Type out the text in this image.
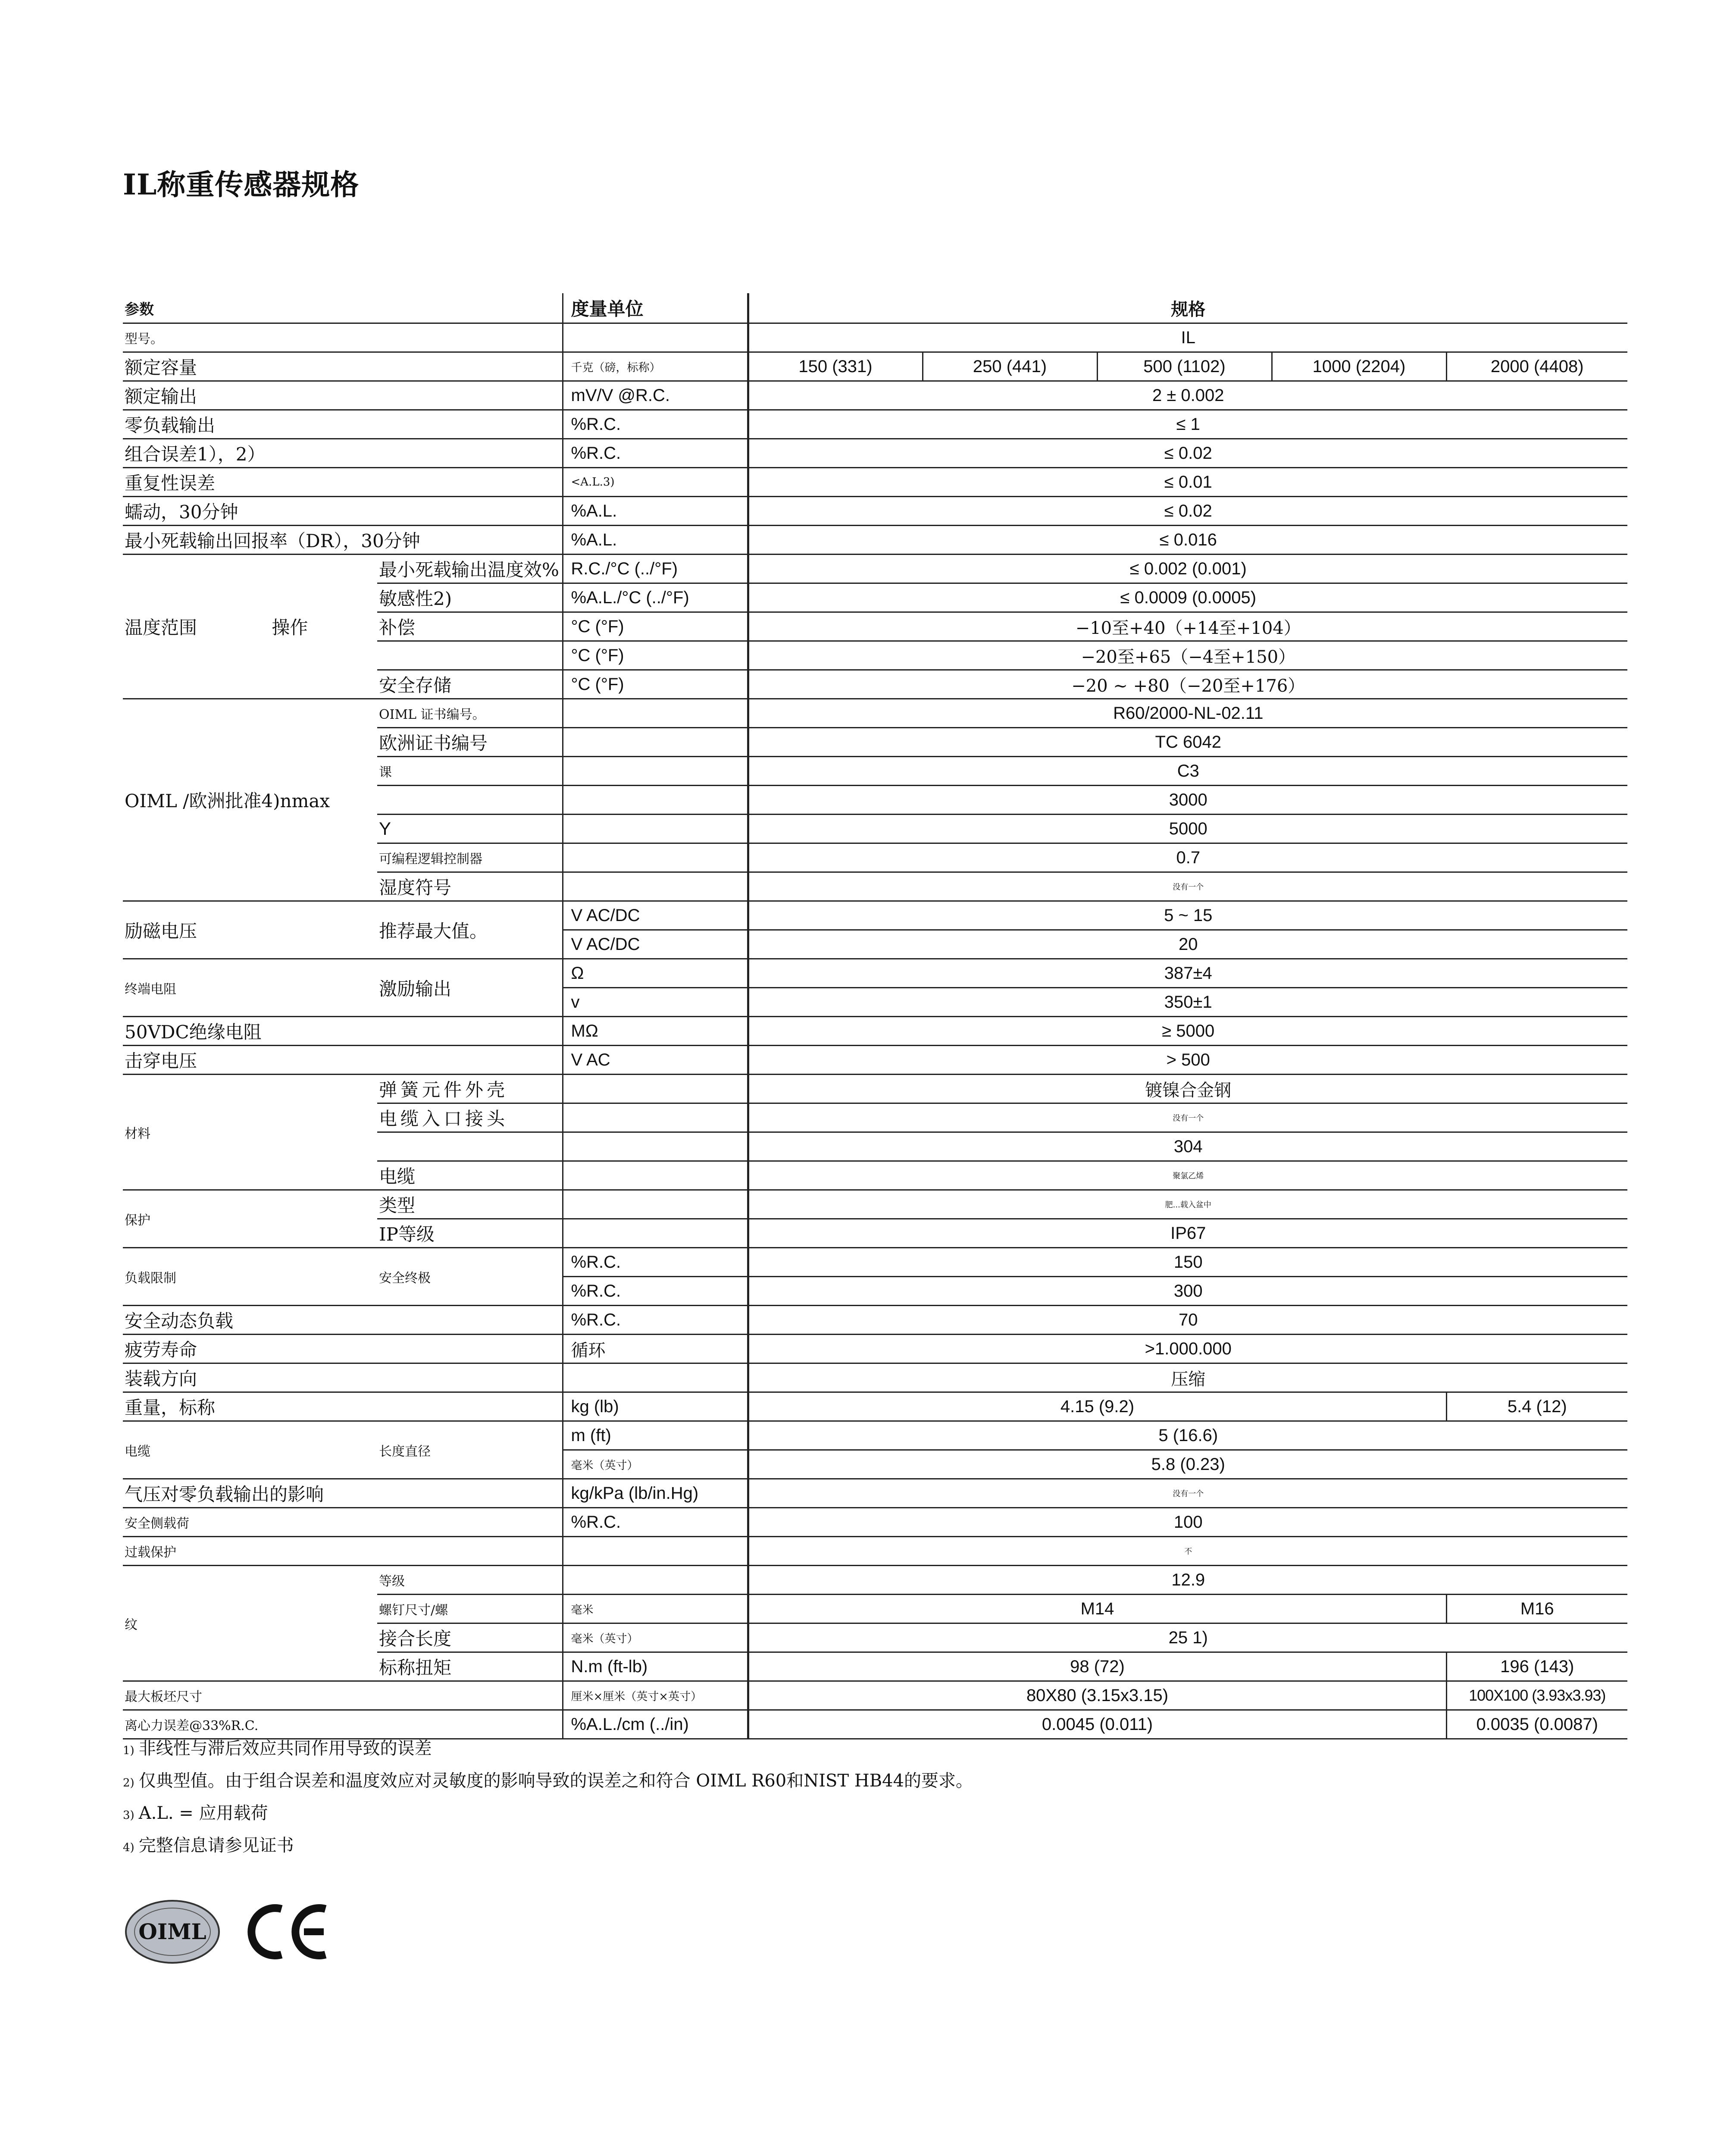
IL称重传感器规格
参数		度量单位	规格				
型号。			IL				
额定容量		千克（磅，标称）	150 (331)	250 (441)	500 (1102)	1000 (2204)	2000 (4408)
额定输出		mV/V @R.C.	2 ± 0.002				
零负载输出		%R.C.	≤ 1				
组合误差1），2）		%R.C.	≤ 0.02				
重复性误差		<A.L.3)	≤ 0.01				
蠕动，30分钟		%A.L.	≤ 0.02				
最小死载输出回报率（DR），30分钟		%A.L.	≤ 0.016				
温度范围 操作	最小死载输出温度效%	R.C./°C (../°F)	≤ 0.002 (0.001)				
	敏感性2)	%A.L./°C (../°F)	≤ 0.0009 (0.0005)				
	补偿	°C (°F)	−10至+40（+14至+104）				
		°C (°F)	−20至+65（−4至+150）				
	安全存储	°C (°F)	−20 ~ +80（−20至+176）				
OIML /欧洲批准4)nmax	OIML 证书编号。		R60/2000-NL-02.11				
	欧洲证书编号		TC 6042				
	课		C3				
			3000				
	Y		5000				
	可编程逻辑控制器		0.7				
	湿度符号		没有一个				
励磁电压	推荐最大值。	V AC/DC	5 ~ 15				
		V AC/DC	20				
终端电阻	激励输出	Ω	387±4				
		v	350±1				
50VDC绝缘电阻		MΩ	≥ 5000				
击穿电压		V AC	> 500				
材料	弹簧元件外壳		镀镍合金钢				
	电缆入口接头		没有一个				
			304				
	电缆		聚氯乙烯				
保护	类型		肥...载入盆中				
	IP等级		IP67				
负载限制	安全终极	%R.C.	150				
		%R.C.	300				
安全动态负载		%R.C.	70				
疲劳寿命		循环	>1.000.000				
装载方向			压缩				
重量，标称		kg (lb)	4.15 (9.2)				5.4 (12)
电缆	长度直径	m (ft)	5 (16.6)				
		毫米（英寸）	5.8 (0.23)				
气压对零负载输出的影响		kg/kPa (lb/in.Hg)	没有一个				
安全侧载荷		%R.C.	100				
过载保护			不				
纹	等级		12.9				
	螺钉尺寸/螺	毫米	M14				M16
	接合长度	毫米（英寸）	25 1)				
	标称扭矩	N.m (ft-lb)	98 (72)				196 (143)
最大板坯尺寸		厘米×厘米（英寸×英寸）	80X80 (3.15x3.15)				100X100 (3.93x3.93)
离心力误差@33%R.C.		%A.L./cm (../in)	0.0045 (0.011)				0.0035 (0.0087)
1) 非线性与滞后效应共同作用导致的误差
2) 仅典型值。由于组合误差和温度效应对灵敏度的影响导致的误差之和符合 OIML R60和NIST HB44的要求。
3) A.L. = 应用载荷
4) 完整信息请参见证书
OIML
